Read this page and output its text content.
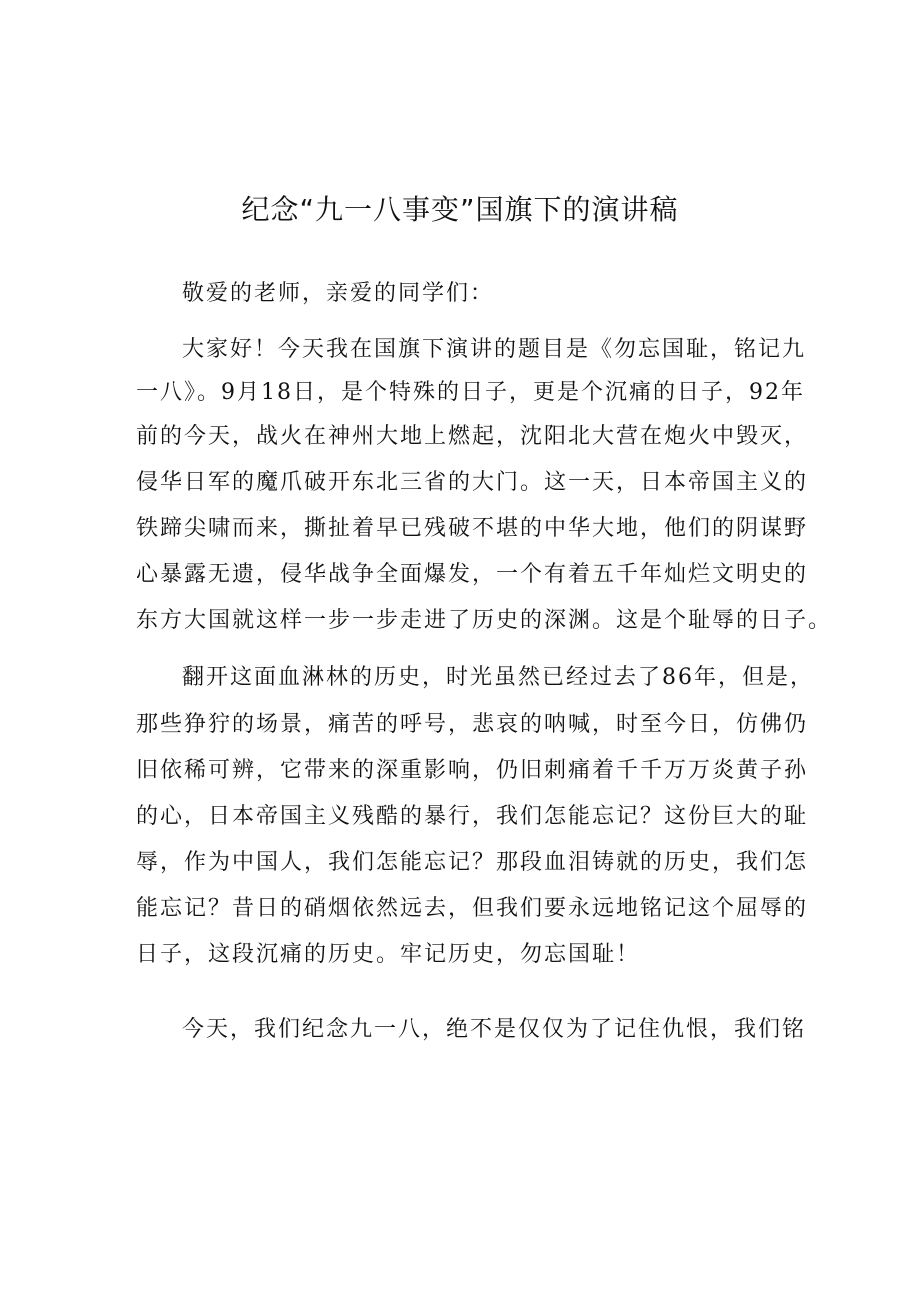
纪念“九一八事变”国旗下的演讲稿
敬爱的老师，亲爱的同学们：
大家好！今天我在国旗下演讲的题目是《勿忘国耻，铭记九
一八》。9月18日，是个特殊的日子，更是个沉痛的日子，92年
前的今天，战火在神州大地上燃起，沈阳北大营在炮火中毁灭，
侵华日军的魔爪破开东北三省的大门。这一天，日本帝国主义的
铁蹄尖啸而来，撕扯着早已残破不堪的中华大地，他们的阴谋野
心暴露无遗，侵华战争全面爆发，一个有着五千年灿烂文明史的
东方大国就这样一步一步走进了历史的深渊。这是个耻辱的日子。
翻开这面血淋林的历史，时光虽然已经过去了86年，但是，
那些狰狞的场景，痛苦的呼号，悲哀的呐喊，时至今日，仿佛仍
旧依稀可辨，它带来的深重影响，仍旧刺痛着千千万万炎黄子孙
的心，日本帝国主义残酷的暴行，我们怎能忘记？这份巨大的耻
辱，作为中国人，我们怎能忘记？那段血泪铸就的历史，我们怎
能忘记？昔日的硝烟依然远去，但我们要永远地铭记这个屈辱的
日子，这段沉痛的历史。牢记历史，勿忘国耻！
今天，我们纪念九一八，绝不是仅仅为了记住仇恨，我们铭
